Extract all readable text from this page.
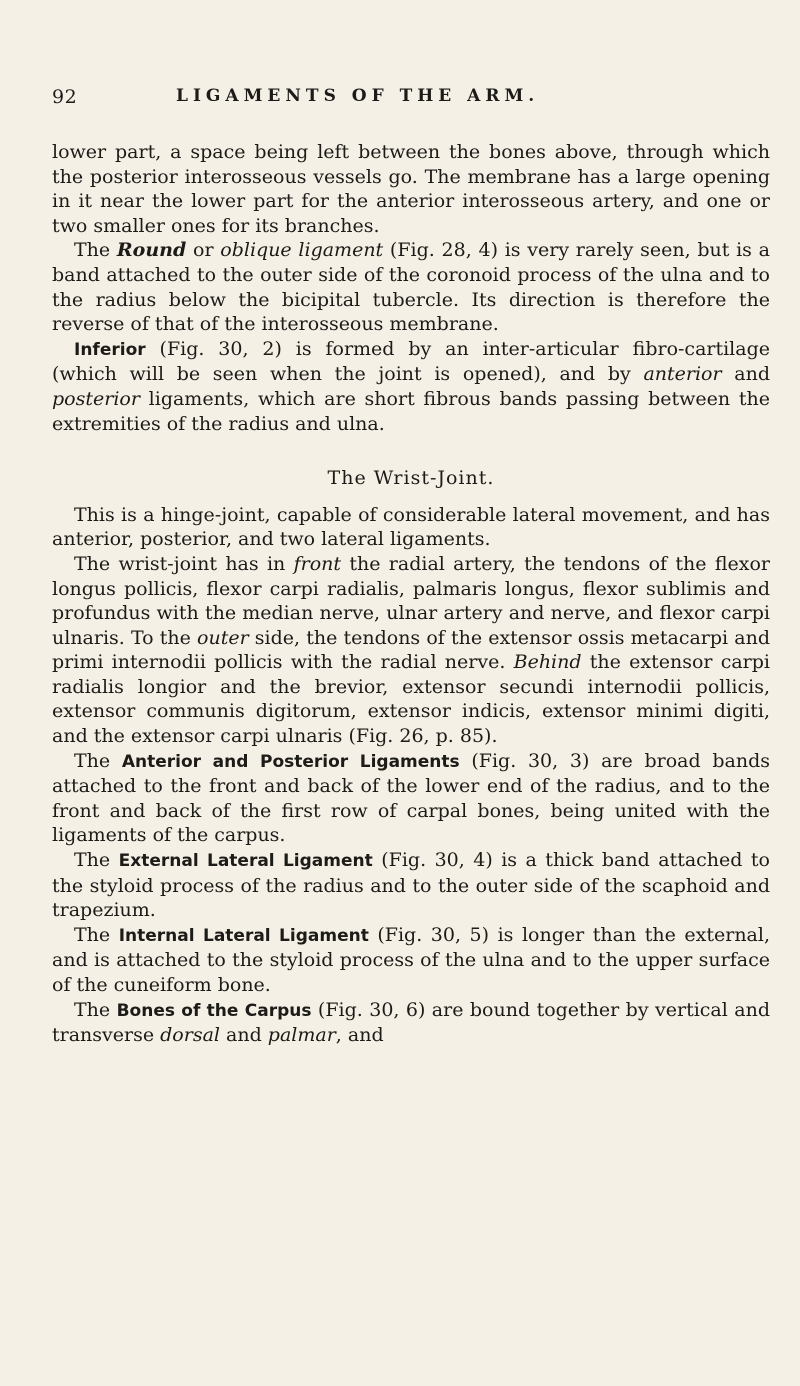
92	LIGAMENTS OF THE ARM.

lower part, a space being left between the bones above, through which the posterior interosseous vessels go. The membrane has a large opening in it near the lower part for the anterior interosseous artery, and one or two smaller ones for its branches.

The Round or oblique ligament (Fig. 28, 4) is very rarely seen, but is a band attached to the outer side of the coronoid process of the ulna and to the radius below the bicipital tubercle. Its direction is therefore the reverse of that of the interosseous membrane.

Inferior (Fig. 30, 2) is formed by an inter-articular fibro-cartilage (which will be seen when the joint is opened), and by anterior and posterior ligaments, which are short fibrous bands passing between the extremities of the radius and ulna.

The Wrist-Joint.

This is a hinge-joint, capable of considerable lateral movement, and has anterior, posterior, and two lateral ligaments.

The wrist-joint has in front the radial artery, the tendons of the flexor longus pollicis, flexor carpi radialis, palmaris longus, flexor sublimis and profundus with the median nerve, ulnar artery and nerve, and flexor carpi ulnaris. To the outer side, the tendons of the extensor ossis metacarpi and primi internodii pollicis with the radial nerve. Behind the extensor carpi radialis longior and the brevior, extensor secundi internodii pollicis, extensor communis digitorum, extensor indicis, extensor minimi digiti, and the extensor carpi ulnaris (Fig. 26, p. 85).

The Anterior and Posterior Ligaments (Fig. 30, 3) are broad bands attached to the front and back of the lower end of the radius, and to the front and back of the first row of carpal bones, being united with the ligaments of the carpus.

The External Lateral Ligament (Fig. 30, 4) is a thick band attached to the styloid process of the radius and to the outer side of the scaphoid and trapezium.

The Internal Lateral Ligament (Fig. 30, 5) is longer than the external, and is attached to the styloid process of the ulna and to the upper surface of the cuneiform bone.

The Bones of the Carpus (Fig. 30, 6) are bound together by vertical and transverse dorsal and palmar, and
